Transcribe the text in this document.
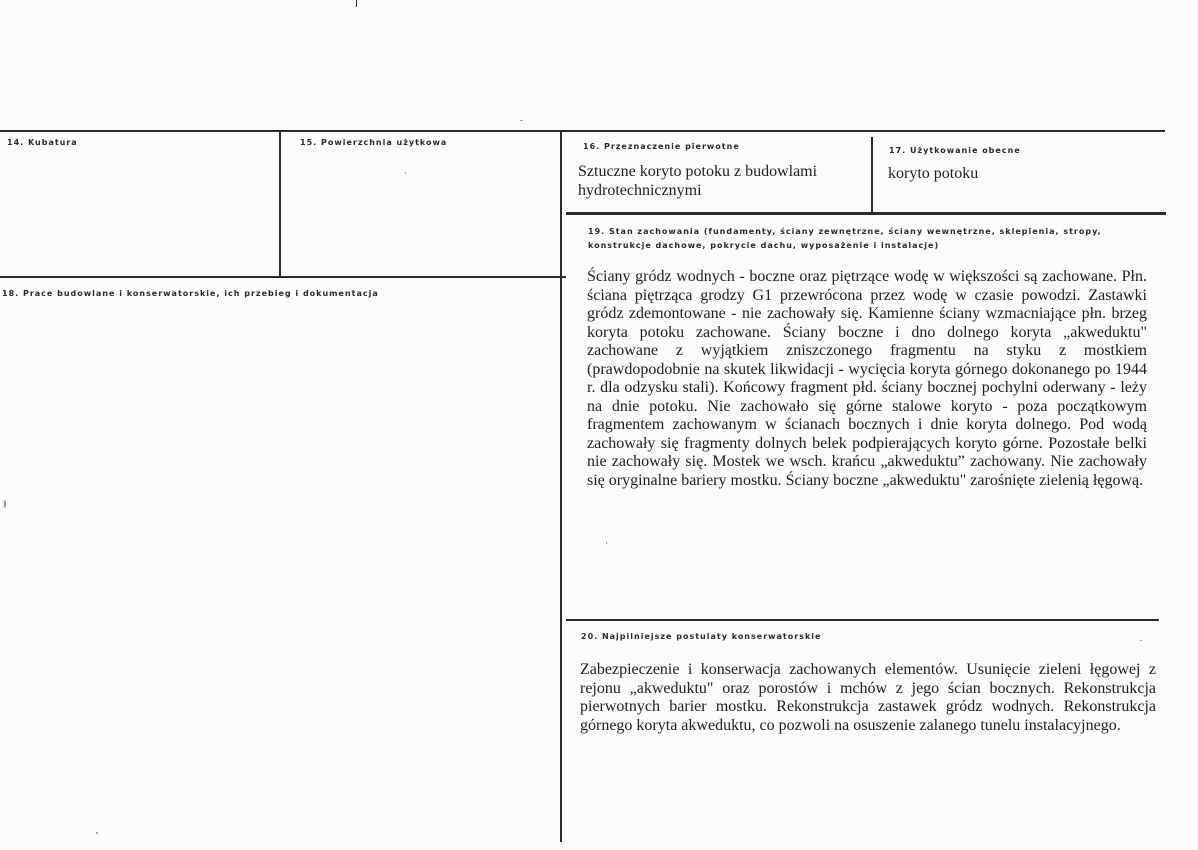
14. Kubatura	15. Powierzchnia użytkowa	16. Przeznaczenie pierwotne
Sztuczne koryto potoku z budowlami hydrotechnicznymi
17. Użytkowanie obecne
koryto potoku
18. Prace budowlane i konserwatorskie, ich przebieg i dokumentacja
19. Stan zachowania (fundamenty, ściany zewnętrzne, ściany wewnętrzne, sklepienia, stropy, konstrukcje dachowe, pokrycie dachu, wyposażenie i instalacje)
Ściany gródz wodnych - boczne oraz piętrzące wodę w większości są zachowane. Płn. ściana piętrząca grodzy G1 przewrócona przez wodę w czasie powodzi. Zastawki gródz zdemontowane - nie zachowały się. Kamienne ściany wzmacniające płn. brzeg koryta potoku zachowane. Ściany boczne i dno dolnego koryta „akweduktu" zachowane z wyjątkiem zniszczonego fragmentu na styku z mostkiem (prawdopodobnie na skutek likwidacji - wycięcia koryta górnego dokonanego po 1944 r. dla odzysku stali). Końcowy fragment płd. ściany bocznej pochylni oderwany - leży na dnie potoku. Nie zachowało się górne stalowe koryto - poza początkowym fragmentem zachowanym w ścianach bocznych i dnie koryta dolnego. Pod wodą zachowały się fragmenty dolnych belek podpierających koryto górne. Pozostałe belki nie zachowały się. Mostek we wsch. krańcu „akweduktu” zachowany. Nie zachowały się oryginalne bariery mostku. Ściany boczne „akweduktu" zarośnięte zielenią łęgową.
20. Najpilniejsze postulaty konserwatorskie
Zabezpieczenie i konserwacja zachowanych elementów. Usunięcie zieleni łęgowej z rejonu „akweduktu" oraz porostów i mchów z jego ścian bocznych. Rekonstrukcja pierwotnych barier mostku. Rekonstrukcja zastawek gródz wodnych. Rekonstrukcja górnego koryta akweduktu, co pozwoli na osuszenie zalanego tunelu instalacyjnego.
